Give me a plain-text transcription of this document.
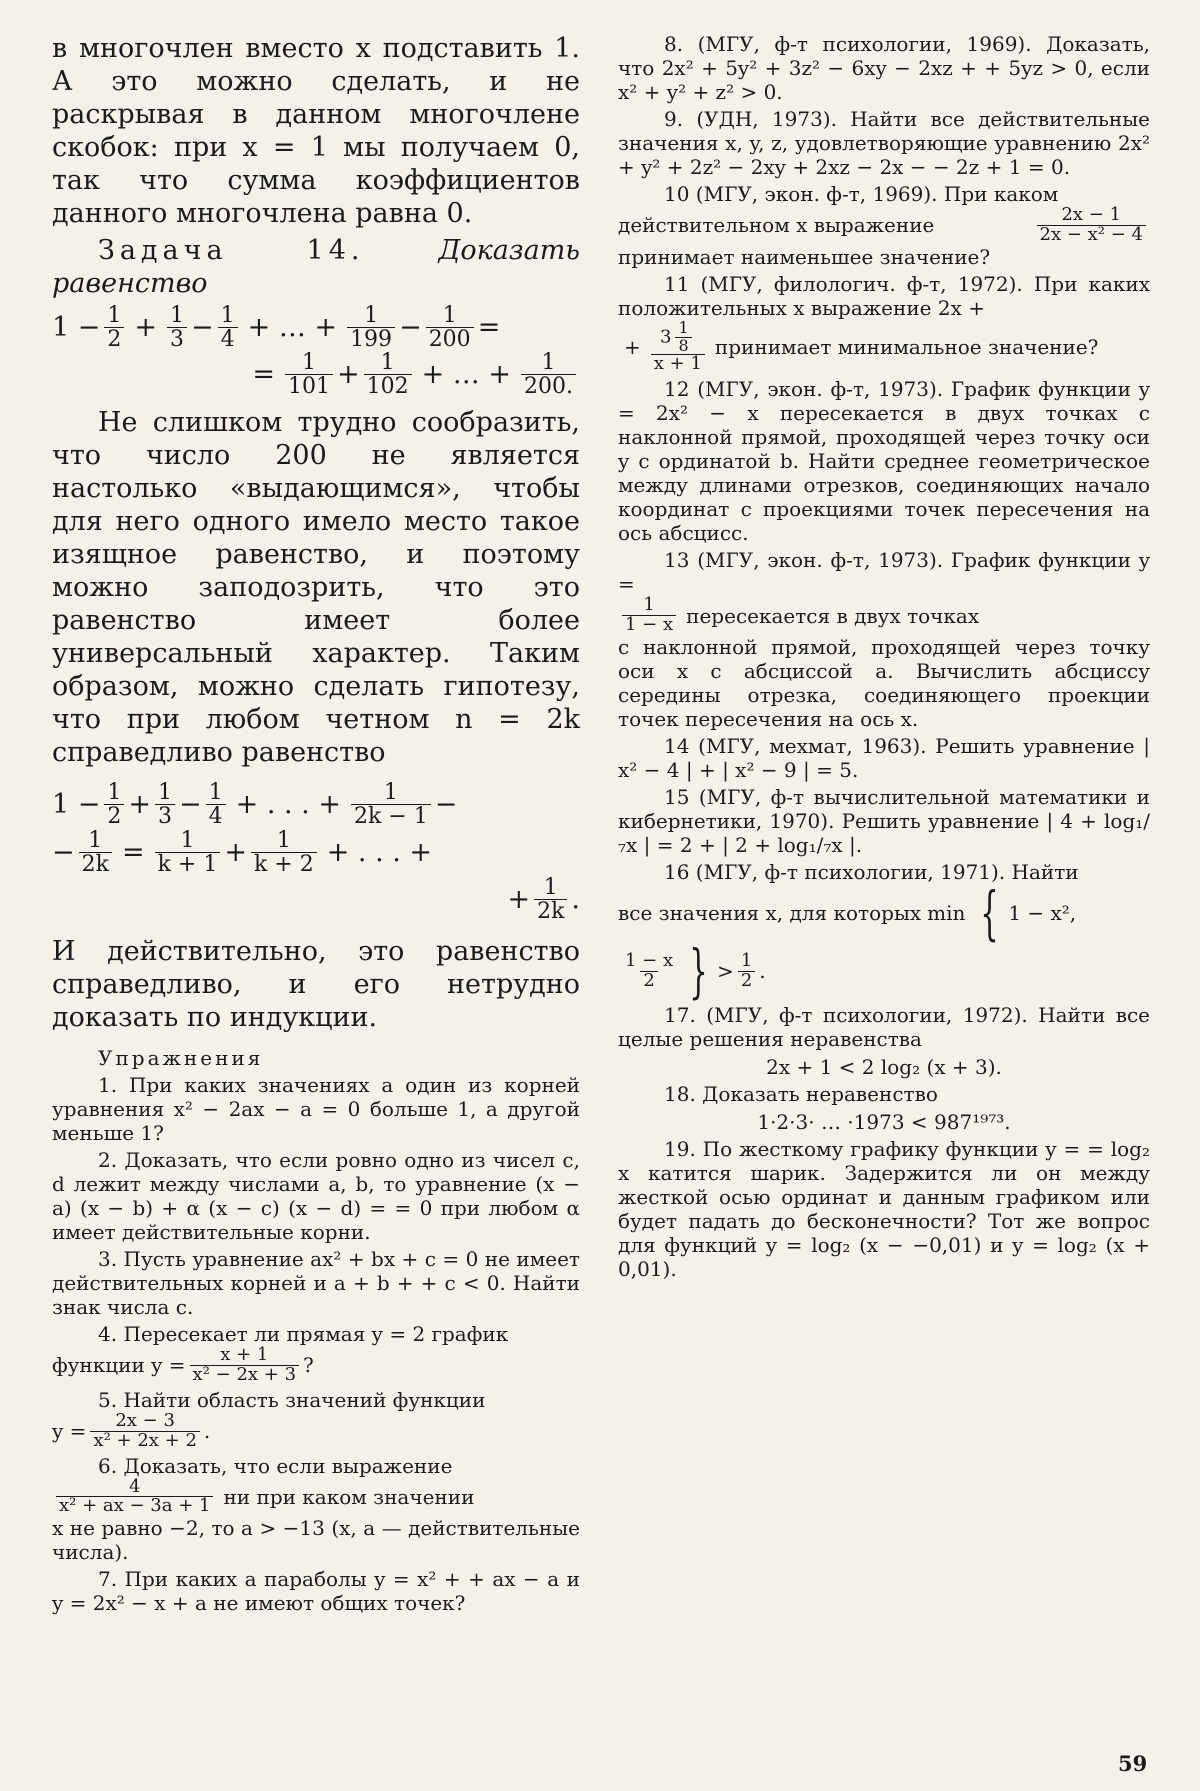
в многочлен вместо x подставить 1. А это можно сделать, и не раскрывая в данном многочлене скобок: при x = 1 мы получаем 0, так что сумма коэффициентов данного многочлена равна 0.

Задача 14.	Доказать равенство

$1 - \frac{1}{2} + \frac{1}{3} - \frac{1}{4}$ + … + $\frac{1}{199} - \frac{1}{200}$ =
= $\frac{1}{101} + \frac{1}{102}$ + … + $\frac{1}{200.}$

Не слишком трудно сообразить, что число 200 не является настолько «выдающимся», чтобы для него одного имело место такое изящное равенство, и поэтому можно заподозрить, что это равенство имеет более универсальный характер. Таким образом, можно сделать гипотезу, что при любом четном n = 2k справедливо равенство

$1 - \frac{1}{2} + \frac{1}{3} - \frac{1}{4}$ + . . . + $\frac{1}{2k - 1}$ −
− $\frac{1}{2k} = \frac{1}{k + 1} + \frac{1}{k + 2}$ + . . . +
+ $\frac{1}{2k}$ .

И действительно, это равенство справедливо, и его нетрудно доказать по индукции.

Упражнения

1. При каких значениях a один из корней уравнения x² − 2ax − a = 0 больше 1, а другой меньше 1?

2. Доказать, что если ровно одно из чисел c, d лежит между числами a, b, то уравнение (x − a) (x − b) + α (x − c) (x − d) = = 0 при любом α имеет действительные корни.

3. Пусть уравнение ax² + bx + c = 0 не имеет действительных корней и a + b + + c < 0. Найти знак числа c.

4. Пересекает ли прямая y = 2 график

функции $y = \frac{x + 1}{\text{x² − 2x + 3}}$ ?

5. Найти область значений функции

$y = \frac{2x - 3}{\text{x² + 2x + 2}}$ .

6. Доказать, что если выражение

$\frac{4}{\text{x² + ax − 3a + 1}}$ ни при каком значении

x не равно −2, то a > −13 (x, a — действительные числа).

7. При каких a параболы y = x² + + ax − a и y = 2x² − x + a не имеют общих точек?

8. (МГУ, ф-т психологии, 1969). Доказать, что 2x² + 5y² + 3z² − 6xy − 2xz + + 5yz > 0, если x² + y² + z² > 0.

9. (УДН, 1973). Найти все действительные значения x, y, z, удовлетворяющие уравнению 2x² + y² + 2z² − 2xy + 2xz − 2x − − 2z + 1 = 0.

10 (МГУ, экон. ф-т, 1969). При каком

действительном x выражение	$\frac{2x - 1}{\text{2x − x² − 4}}$

принимает наименьшее значение?

11 (МГУ, филологич. ф-т, 1972). При каких положительных x выражение 2x +

+ $\frac{3 \frac{1}{8}}{x + 1}$ принимает минимальное значение?

12 (МГУ, экон. ф-т, 1973). График функции y = 2x² − x пересекается в двух точках с наклонной прямой, проходящей через точку оси y с ординатой b. Найти среднее геометрическое между длинами отрезков, соединяющих начало координат с проекциями точек пересечения на ось абсцисс.

13 (МГУ, экон. ф-т, 1973). График функции y =

$\frac{1}{1 - x}$ пересекается в двух точках

с наклонной прямой, проходящей через точку оси x с абсциссой a. Вычислить абсциссу середины отрезка, соединяющего проекции точек пересечения на ось x.

14 (МГУ, мехмат, 1963). Решить уравнение | x² − 4 | + | x² − 9 | = 5.

15 (МГУ, ф-т вычислительной математики и кибернетики, 1970). Решить уравнение | 4 + log₁/₇x | = 2 + | 2 + log₁/₇x |.

16 (МГУ, ф-т психологии, 1971). Найти

все значения x, для которых min { 1 − x²,
$\frac{1 - x}{2}$ } > $\frac{1}{2}$ .

17. (МГУ, ф-т психологии, 1972). Найти все целые решения неравенства

2x + 1 < 2 log₂ (x + 3).

18. Доказать неравенство

1·2·3· … ·1973 < 987¹⁹⁷³.

19. По жесткому графику функции y = = log₂ x катится шарик. Задержится ли он между жесткой осью ординат и данным графиком или будет падать до бесконечности? Тот же вопрос для функций y = log₂ (x − −0,01) и y = log₂ (x + 0,01).

59
